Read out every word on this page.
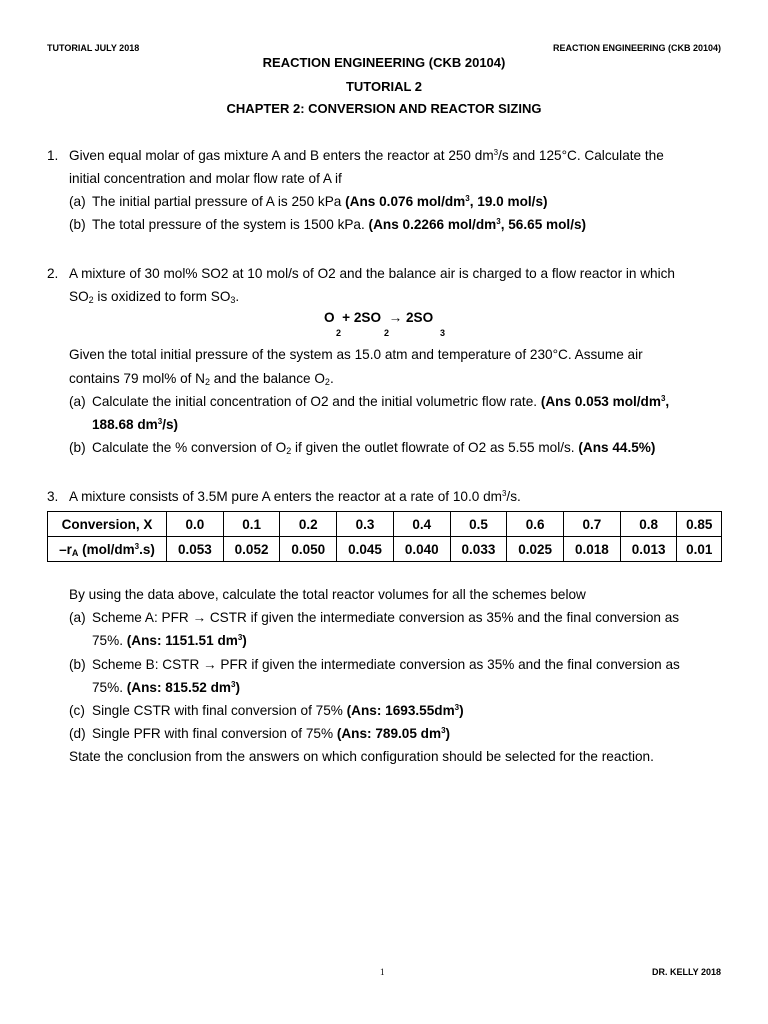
TUTORIAL JULY 2018	REACTION ENGINEERING (CKB 20104)
REACTION ENGINEERING (CKB 20104)
TUTORIAL 2
CHAPTER 2: CONVERSION AND REACTOR SIZING
1. Given equal molar of gas mixture A and B enters the reactor at 250 $dm^3/s$ and 125°C. Calculate the
initial concentration and molar flow rate of A if
(a) The initial partial pressure of A is 250 kPa (Ans 0.076 mol/$dm^3$, 19.0 mol/s)
(b) The total pressure of the system is 1500 kPa. (Ans 0.2266 mol/$dm^3$, 56.65 mol/s)
2. A mixture of 30 mol% SO2 at 10 mol/s of O2 and the balance air is charged to a flow reactor in which
$SO_2$ is oxidized to form $SO_3$.
O  + 2SO  → 2SO
2	2	3
Given the total initial pressure of the system as 15.0 atm and temperature of 230°C. Assume air
contains 79 mol% of $N_2$ and the balance $O_2$.
(a) Calculate the initial concentration of O2 and the initial volumetric flow rate. (Ans 0.053 mol/$dm^3$,
188.68 $dm^3/s$)
(b) Calculate the % conversion of $O_2$ if given the outlet flowrate of O2 as 5.55 mol/s. (Ans 44.5%)
3. A mixture consists of 3.5M pure A enters the reactor at a rate of 10.0 $dm^3/s$.
Conversion, X	0.0	0.1	0.2	0.3	0.4	0.5	0.6	0.7	0.8	0.85
$-r_A$ $(mol/dm^3.s)$	0.053	0.052	0.050	0.045	0.040	0.033	0.025	0.018	0.013	0.01
By using the data above, calculate the total reactor volumes for all the schemes below
(a) Scheme A: PFR → CSTR if given the intermediate conversion as 35% and the final conversion as
75%. (Ans: 1151.51 $dm^3$)
(b) Scheme B: CSTR → PFR if given the intermediate conversion as 35% and the final conversion as
75%. (Ans: 815.52 $dm^3$)
(c) Single CSTR with final conversion of 75% (Ans: $1693.55dm^3$)
(d) Single PFR with final conversion of 75% (Ans: 789.05 $dm^3$)
State the conclusion from the answers on which configuration should be selected for the reaction.
1	DR. KELLY 2018
